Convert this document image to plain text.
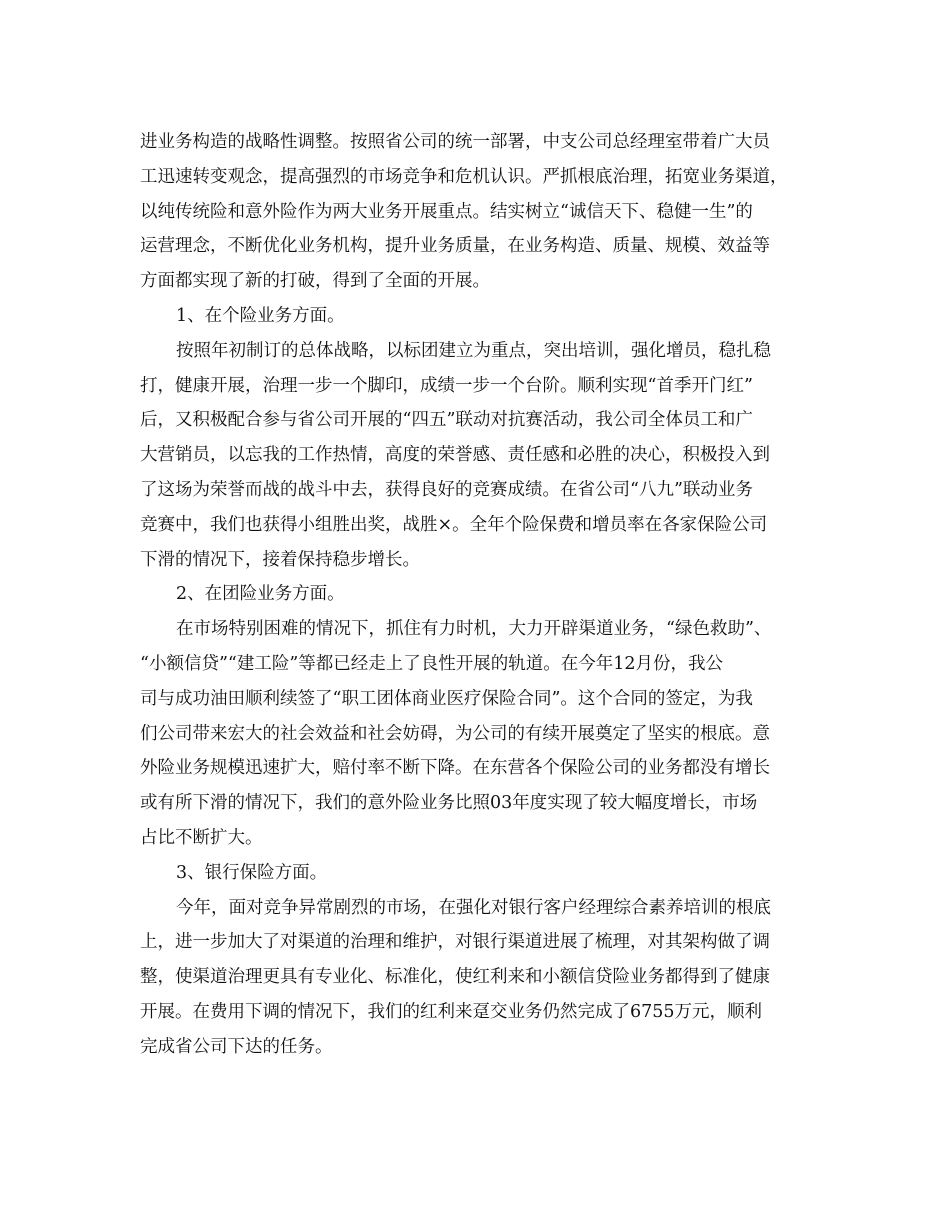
进业务构造的战略性调整。按照省公司的统一部署，中支公司总经理室带着广大员
工迅速转变观念，提高强烈的市场竞争和危机认识。严抓根底治理，拓宽业务渠道，
以纯传统险和意外险作为两大业务开展重点。结实树立“诚信天下、稳健一生”的
运营理念，不断优化业务机构，提升业务质量，在业务构造、质量、规模、效益等
方面都实现了新的打破，得到了全面的开展。
1、在个险业务方面。
按照年初制订的总体战略，以标团建立为重点，突出培训，强化增员，稳扎稳
打，健康开展，治理一步一个脚印，成绩一步一个台阶。顺利实现“首季开门红”
后，又积极配合参与省公司开展的“四五”联动对抗赛活动，我公司全体员工和广
大营销员，以忘我的工作热情，高度的荣誉感、责任感和必胜的决心，积极投入到
了这场为荣誉而战的战斗中去，获得良好的竞赛成绩。在省公司“八九”联动业务
竞赛中，我们也获得小组胜出奖，战胜×。全年个险保费和增员率在各家保险公司
下滑的情况下，接着保持稳步增长。
2、在团险业务方面。
在市场特别困难的情况下，抓住有力时机，大力开辟渠道业务，“绿色救助”、
“小额信贷”“建工险”等都已经走上了良性开展的轨道。在今年12月份，我公
司与成功油田顺利续签了“职工团体商业医疗保险合同”。这个合同的签定，为我
们公司带来宏大的社会效益和社会妨碍，为公司的有续开展奠定了坚实的根底。意
外险业务规模迅速扩大，赔付率不断下降。在东营各个保险公司的业务都没有增长
或有所下滑的情况下，我们的意外险业务比照03年度实现了较大幅度增长，市场
占比不断扩大。
3、银行保险方面。
今年，面对竞争异常剧烈的市场，在强化对银行客户经理综合素养培训的根底
上，进一步加大了对渠道的治理和维护，对银行渠道进展了梳理，对其架构做了调
整，使渠道治理更具有专业化、标准化，使红利来和小额信贷险业务都得到了健康
开展。在费用下调的情况下，我们的红利来趸交业务仍然完成了6755万元，顺利
完成省公司下达的任务。
